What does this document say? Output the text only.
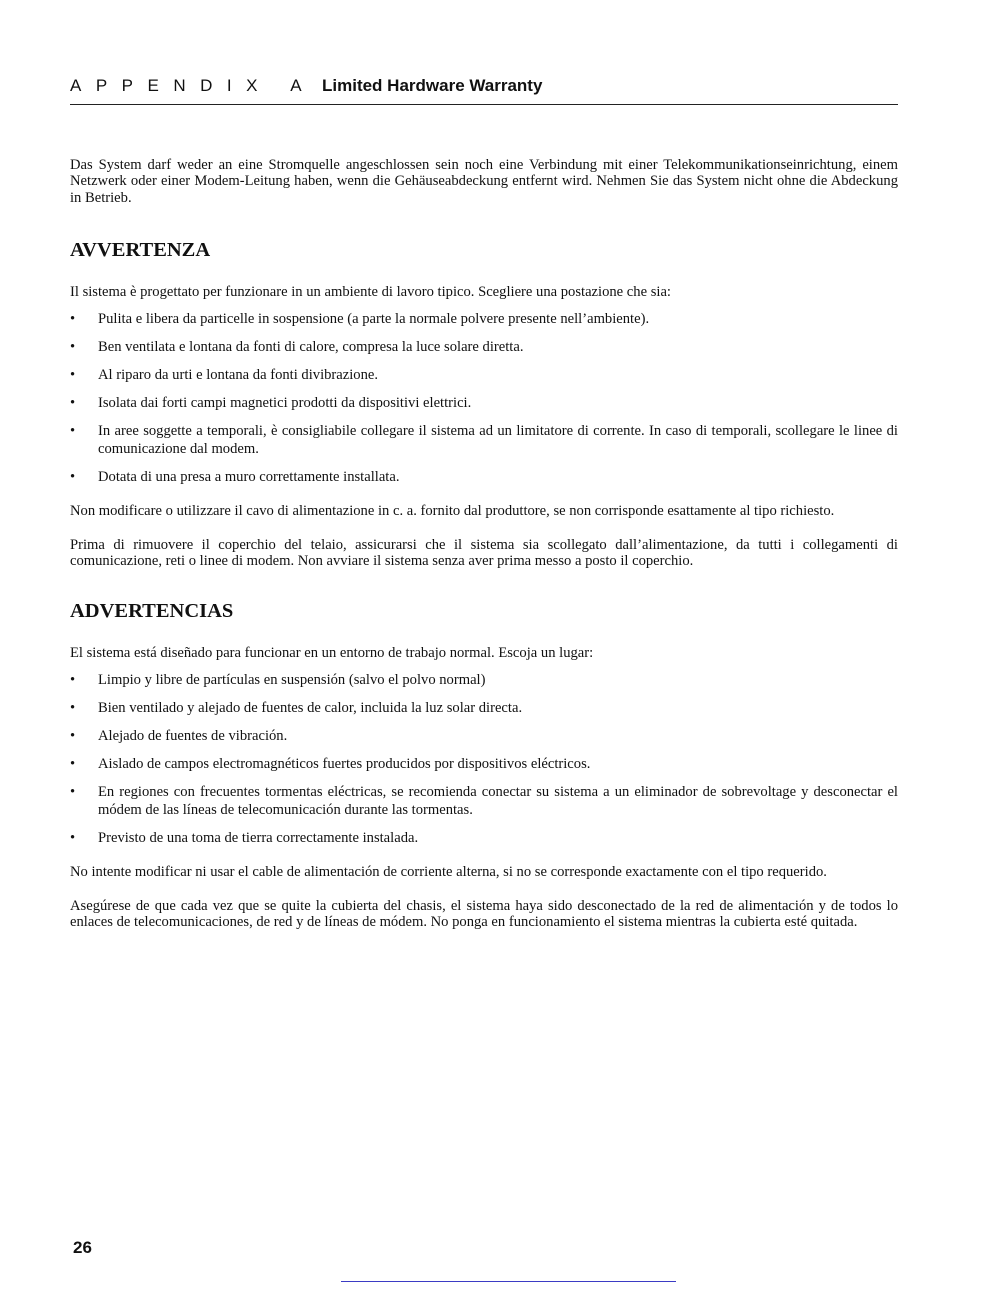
APPENDIX A Limited Hardware Warranty

Das System darf weder an eine Stromquelle angeschlossen sein noch eine Verbindung mit einer Telekommunikationseinrichtung, einem Netzwerk oder einer Modem-Leitung haben, wenn die Gehäuseabdeckung entfernt wird. Nehmen Sie das System nicht ohne die Abdeckung in Betrieb.

AVVERTENZA

Il sistema è progettato per funzionare in un ambiente di lavoro tipico. Scegliere una postazione che sia:

• Pulita e libera da particelle in sospensione (a parte la normale polvere presente nell’ambiente).
• Ben ventilata e lontana da fonti di calore, compresa la luce solare diretta.
• Al riparo da urti e lontana da fonti divibrazione.
• Isolata dai forti campi magnetici prodotti da dispositivi elettrici.
• In aree soggette a temporali, è consigliabile collegare il sistema ad un limitatore di corrente. In caso di temporali, scollegare le linee di comunicazione dal modem.
• Dotata di una presa a muro correttamente installata.

Non modificare o utilizzare il cavo di alimentazione in c. a. fornito dal produttore, se non corrisponde esattamente al tipo richiesto.

Prima di rimuovere il coperchio del telaio, assicurarsi che il sistema sia scollegato dall’alimentazione, da tutti i collegamenti di comunicazione, reti o linee di modem. Non avviare il sistema senza aver prima messo a posto il coperchio.

ADVERTENCIAS

El sistema está diseñado para funcionar en un entorno de trabajo normal. Escoja un lugar:

• Limpio y libre de partículas en suspensión (salvo el polvo normal)
• Bien ventilado y alejado de fuentes de calor, incluida la luz solar directa.
• Alejado de fuentes de vibración.
• Aislado de campos electromagnéticos fuertes producidos por dispositivos eléctricos.
• En regiones con frecuentes tormentas eléctricas, se recomienda conectar su sistema a un eliminador de sobrevoltage y desconectar el módem de las líneas de telecomunicación durante las tormentas.
• Previsto de una toma de tierra correctamente instalada.

No intente modificar ni usar el cable de alimentación de corriente alterna, si no se corresponde exactamente con el tipo requerido.

Asegúrese de que cada vez que se quite la cubierta del chasis, el sistema haya sido desconectado de la red de alimentación y de todos lo enlaces de telecomunicaciones, de red y de líneas de módem. No ponga en funcionamiento el sistema mientras la cubierta esté quitada.

26
